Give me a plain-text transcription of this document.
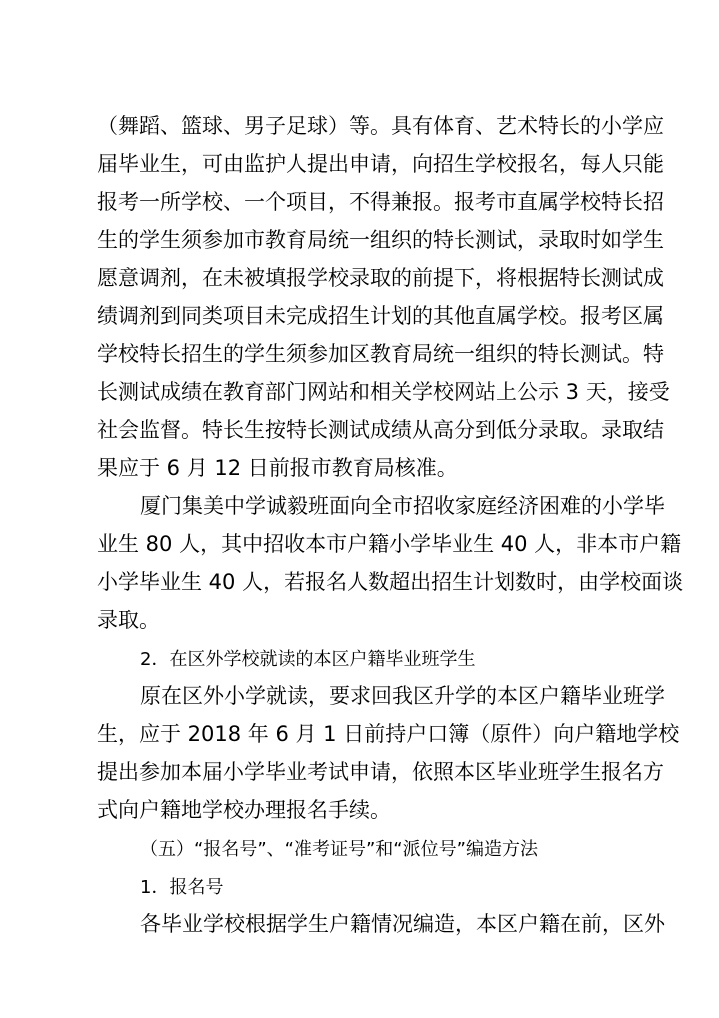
（舞蹈、篮球、男子足球）等。具有体育、艺术特长的小学应
届毕业生，可由监护人提出申请，向招生学校报名，每人只能
报考一所学校、一个项目，不得兼报。报考市直属学校特长招
生的学生须参加市教育局统一组织的特长测试，录取时如学生
愿意调剂，在未被填报学校录取的前提下，将根据特长测试成
绩调剂到同类项目未完成招生计划的其他直属学校。报考区属
学校特长招生的学生须参加区教育局统一组织的特长测试。特
长测试成绩在教育部门网站和相关学校网站上公示 3 天，接受
社会监督。特长生按特长测试成绩从高分到低分录取。录取结
果应于 6 月 12 日前报市教育局核准。
厦门集美中学诚毅班面向全市招收家庭经济困难的小学毕
业生 80 人，其中招收本市户籍小学毕业生 40 人，非本市户籍
小学毕业生 40 人，若报名人数超出招生计划数时，由学校面谈
录取。
2．在区外学校就读的本区户籍毕业班学生
原在区外小学就读，要求回我区升学的本区户籍毕业班学
生，应于 2018 年 6 月 1 日前持户口簿（原件）向户籍地学校
提出参加本届小学毕业考试申请，依照本区毕业班学生报名方
式向户籍地学校办理报名手续。
（五）“报名号”、“准考证号”和“派位号”编造方法
1．报名号
各毕业学校根据学生户籍情况编造，本区户籍在前，区外
